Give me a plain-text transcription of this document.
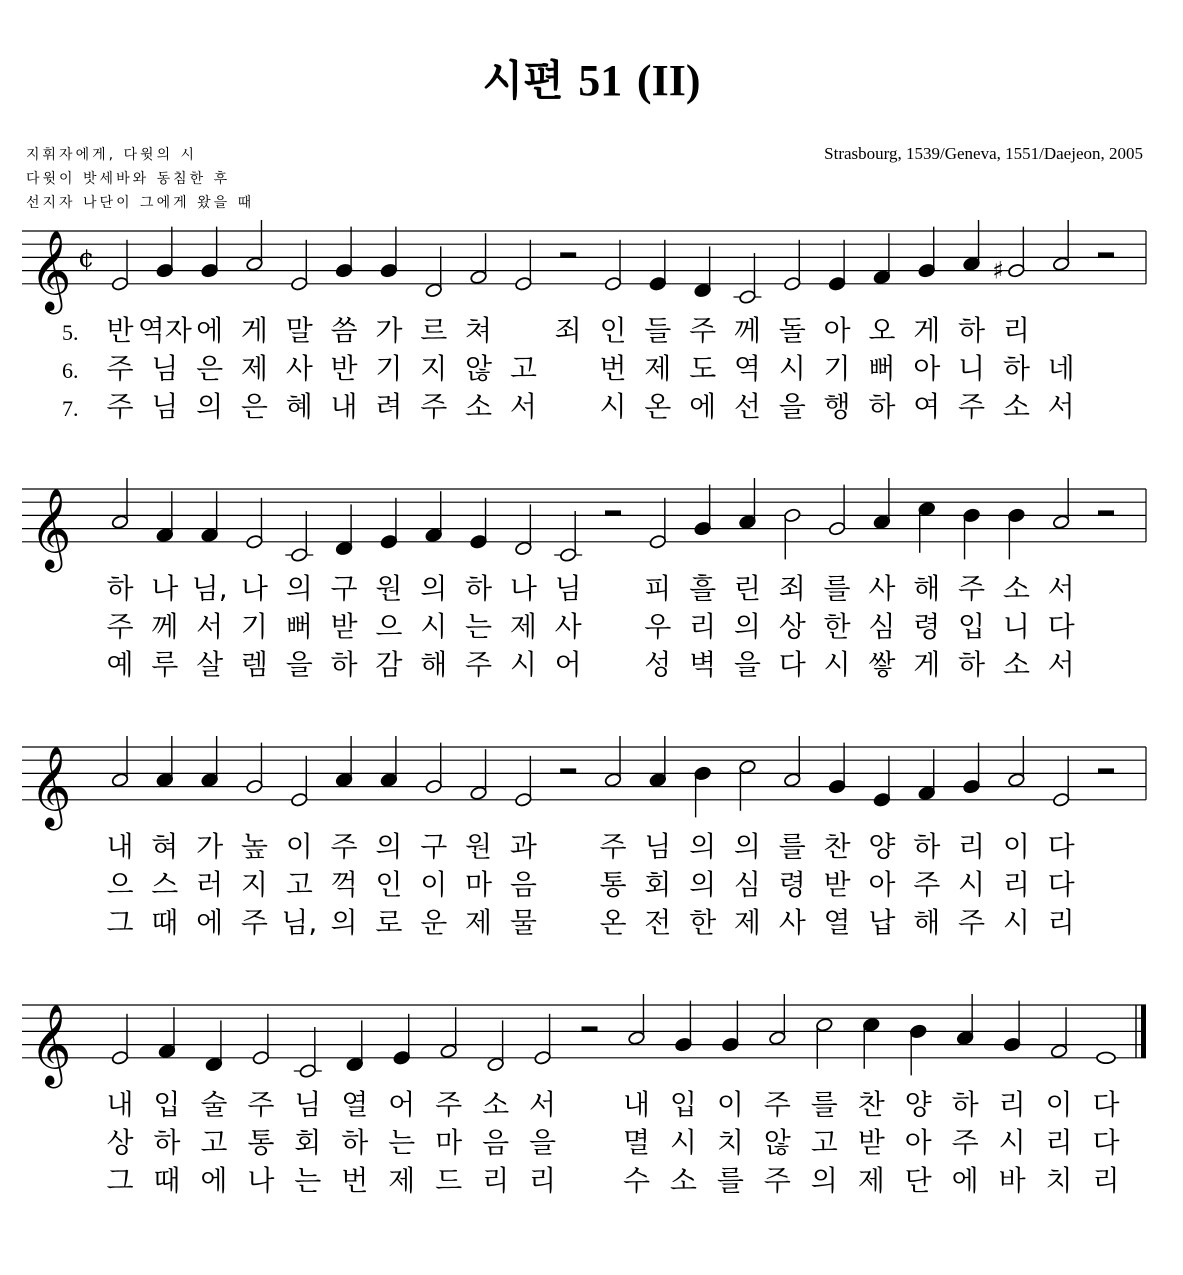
시편 51 (II)
지휘자에게, 다윗의 시
다윗이 밧세바와 동침한 후
선지자 나단이 그에게 왔을 때
Strasbourg, 1539/Geneva, 1551/Daejeon, 2005
𝄞 ¢	♯
5. 반 역자 에 게 말 씀 가 르 쳐 죄 인 들 주 께 돌 아 오 게 하 리
6. 주 님 은 제 사 반 기 지 않 고 번 제 도 역 시 기 뻐 아 니 하 네
7. 주 님 의 은 혜 내 려 주 소 서 시 온 에 선 을 행 하 여 주 소 서
𝄞
하 나 님, 나 의 구 원 의 하 나 님 피 흘 린 죄 를 사 해 주 소 서
주 께 서 기 뻐 받 으 시 는 제 사 우 리 의 상 한 심 령 입 니 다
예 루 살 렘 을 하 감 해 주 시 어 성 벽 을 다 시 쌓 게 하 소 서
𝄞
내 혀 가 높 이 주 의 구 원 과 주 님 의 의 를 찬 양 하 리 이 다
으 스 러 지 고 꺽 인 이 마 음 통 회 의 심 령 받 아 주 시 리 다
그 때 에 주 님, 의 로 운 제 물 온 전 한 제 사 열 납 해 주 시 리
𝄞
내 입 술 주 님 열 어 주 소 서 내 입 이 주 를 찬 양 하 리 이 다
상 하 고 통 회 하 는 마 음 을 멸 시 치 않 고 받 아 주 시 리 다
그 때 에 나 는 번 제 드 리 리 수 소 를 주 의 제 단 에 바 치 리
